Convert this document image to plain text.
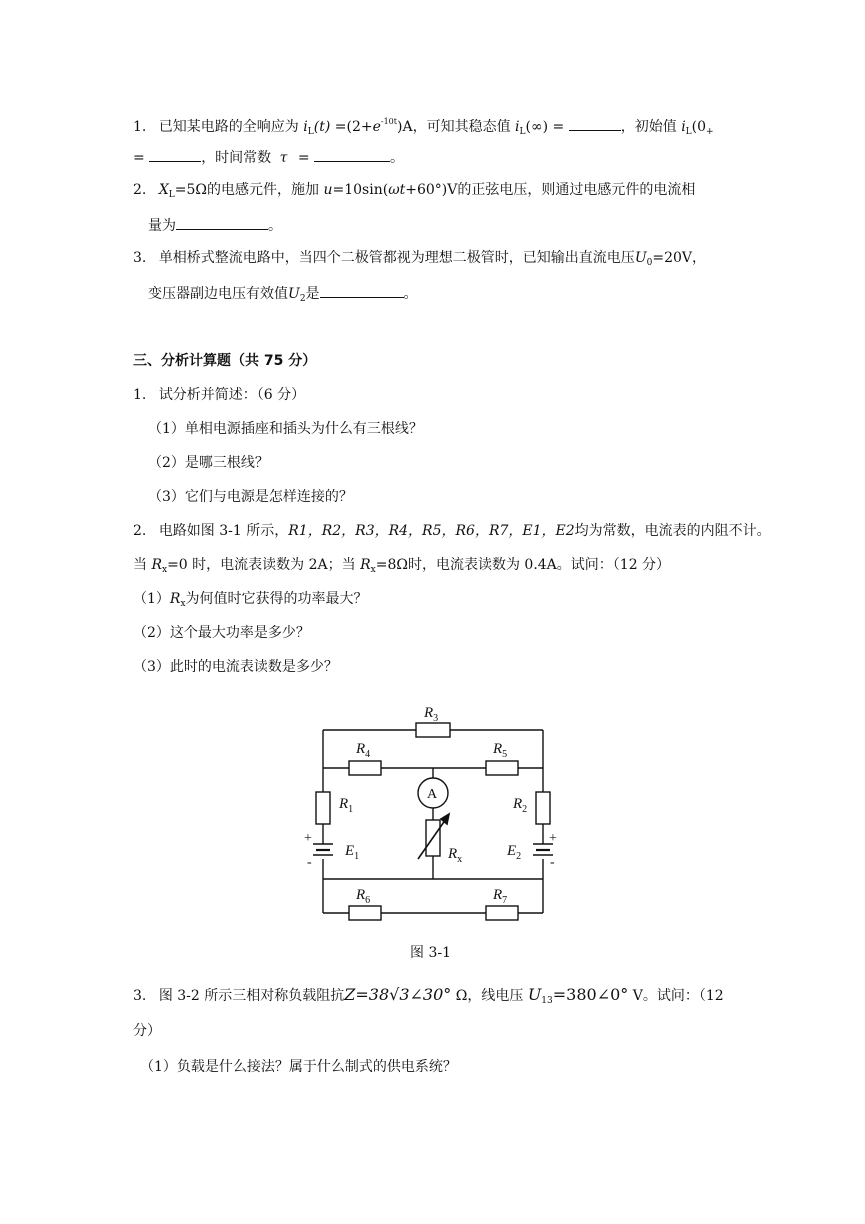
1. 已知某电路的全响应为 $i_L(t) =(2+e^{-10t})A$，可知其稳态值 $i_L(\infty)$ =	，初始值 $i_L(0_+$
=	，时间常数 τ =	。
2. $X_L=5\Omega$的电感元件，施加 u=10sin(ωt+60°)V的正弦电压，则通过电感元件的电流相
量为	。
3. 单相桥式整流电路中，当四个二极管都视为理想二极管时，已知输出直流电压$U_0=20V$，
变压器副边电压有效值$U_2$是	。
三、分析计算题（共 75 分）
1. 试分析并简述：（6 分）
（1）单相电源插座和插头为什么有三根线？
（2）是哪三根线？
（3）它们与电源是怎样连接的？
2. 电路如图 3-1 所示，R1，R2，R3，R4，R5，R6，R7，E1，E2均为常数，电流表的内阻不计。
当 $R_x=0$ 时，电流表读数为 2A；当 $R_x=8\Omega$时，电流表读数为 0.4A。试问：（12 分）
$(1)R_x$为何值时它获得的功率最大？
（2）这个最大功率是多少？
（3）此时的电流表读数是多少？
$R_3$
$R_4$	$R_5$
$R_1$	$R_2$
$E_1$	$E_2$
$R_x$
$R_6$	$R_7$
A
+
-
+
-
图 3-1
3. 图 3-2 所示三相对称负载阻抗Z=38√3∠30° Ω，线电压 $U_{13}=380\angle 0^\circ$ V。试问：（12
分）
（1）负载是什么接法？属于什么制式的供电系统？
